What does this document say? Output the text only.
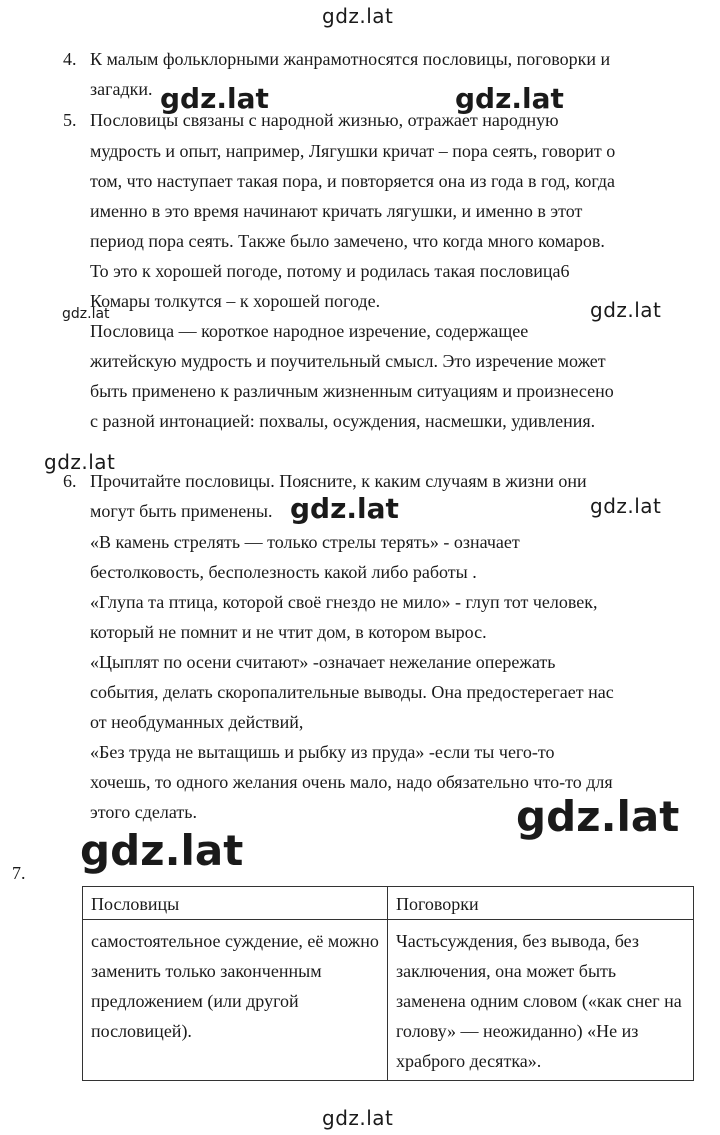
gdz.lat
gdz.lat	gdz.lat
gdz.lat
gdz.lat
gdz.lat
gdz.lat	gdz.lat
gdz.lat
gdz.lat
gdz.lat
4. К малым фольклорными жанрамотносятся пословицы, поговорки и
загадки.
5. Пословицы связаны с народной жизнью, отражает народную
мудрость и опыт, например, Лягушки кричат – пора сеять, говорит о
том, что наступает такая пора, и повторяется она из года в год, когда
именно в это время начинают кричать лягушки, и именно в этот
период пора сеять. Также было замечено, что когда много комаров.
То это к хорошей погоде, потому и родилась такая пословица6
Комары толкутся – к хорошей погоде.
Пословица — короткое народное изречение, содержащее
житейскую мудрость и поучительный смысл. Это изречение может
быть применено к различным жизненным ситуациям и произнесено
с разной интонацией: похвалы, осуждения, насмешки, удивления.
6. Прочитайте пословицы. Поясните, к каким случаям в жизни они
могут быть применены.
«В камень стрелять — только стрелы терять» - означает
бестолковость, бесполезность какой либо работы .
«Глупа та птица, которой своё гнездо не мило» - глуп тот человек,
который не помнит и не чтит дом, в котором вырос.
«Цыплят по осени считают» -означает нежелание опережать
события, делать скоропалительные выводы. Она предостерегает нас
от необдуманных действий,
«Без труда не вытащишь и рыбку из пруда» -если ты чего-то
хочешь, то одного желания очень мало, надо обязательно что-то для
этого сделать.
7.
Пословицы	Поговорки
самостоятельное суждение, её можно заменить только законченным предложением (или другой пословицей).	Частьсуждения, без вывода, без заключения, она может быть заменена одним словом («как снег на голову» — неожиданно) «Не из храброго десятка».
